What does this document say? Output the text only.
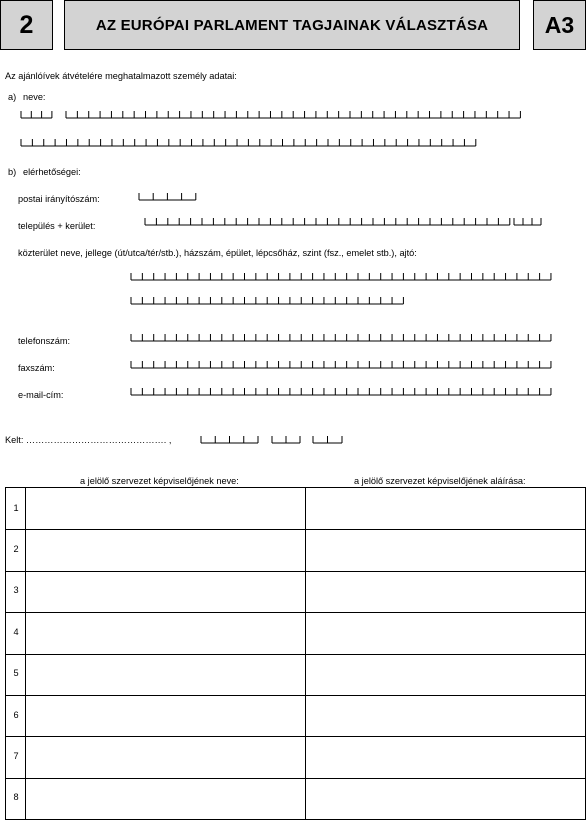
2	AZ EURÓPAI PARLAMENT TAGJAINAK VÁLASZTÁSA A3
Az ajánlóívek átvételére meghatalmazott személy adatai:
a) neve:
b) elérhetőségei:
postai irányítószám:
település + kerület:
közterület neve, jellege (út/utca/tér/stb.), házszám, épület, lépcsőház, szint (fsz., emelet stb.), ajtó:
telefonszám:
faxszám:
e-mail-cím:
Kelt: ………………………………………. ,
a jelölő szervezet képviselőjének neve:	a jelölő szervezet képviselőjének aláírása:
1
2
3
4
5
6
7
8
